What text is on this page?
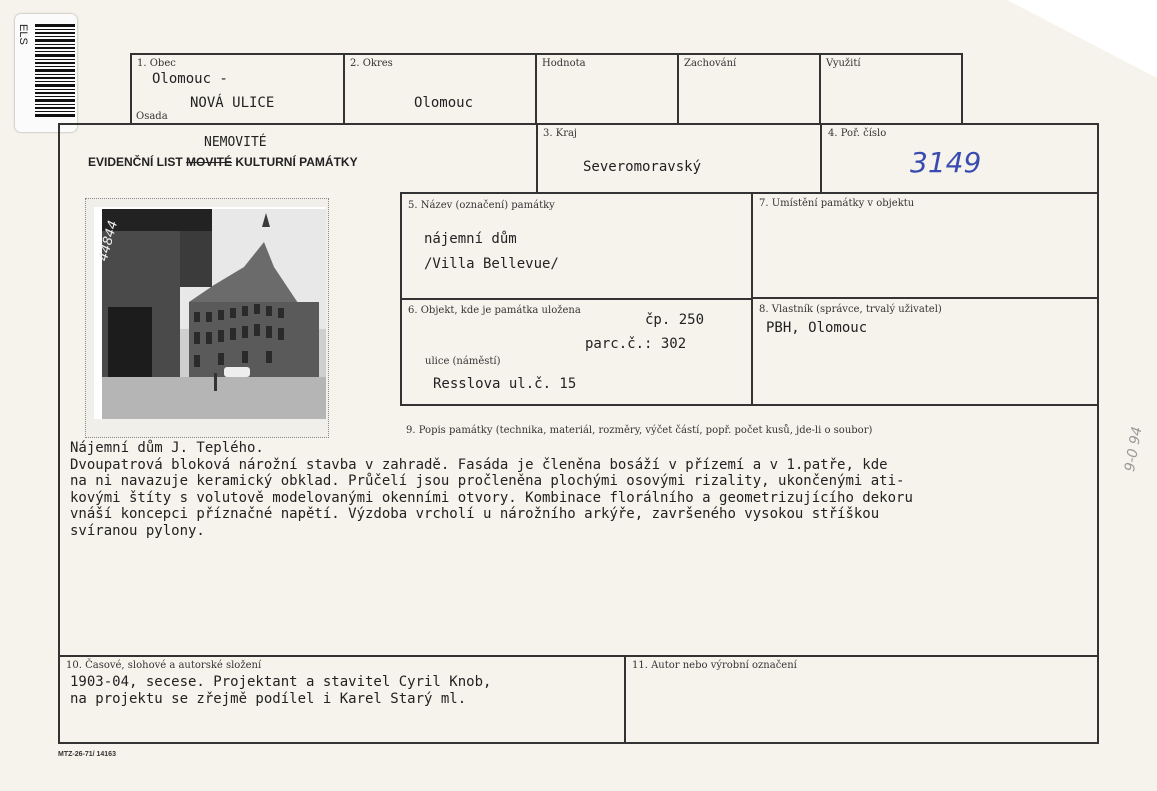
ELS
1. Obec
Olomouc -
NOVÁ ULICE
Osada
2. Okres
Olomouc
Hodnota	Zachování	Využití
NEMOVITÉ
EVIDENČNÍ LIST MOVITÉ KULTURNÍ PAMÁTKY
3. Kraj
Severomoravský
4. Poř. číslo
3149
44844
5. Název (označení) památky
nájemní dům
/Villa Bellevue/
7. Umístění památky v objektu
6. Objekt, kde je památka uložena
čp. 250
parc.č.: 302
ulice (náměstí)
Resslova ul.č. 15
8. Vlastník (správce, trvalý uživatel)
PBH, Olomouc
9. Popis památky (technika, materiál, rozměry, výčet částí, popř. počet kusů, jde-li o soubor)
Nájemní dům J. Teplého.
Dvoupatrová bloková nárožní stavba v zahradě. Fasáda je členěna bosáží v přízemí a v 1.patře, kde
na ni navazuje keramický obklad. Průčelí jsou pročleněna plochými osovými rizality, ukončenými ati-
kovými štíty s volutově modelovanými okenními otvory. Kombinace florálního a geometrizujícího dekoru
vnáší koncepci příznačné napětí. Výzdoba vrcholí u nárožního arkýře, završeného vysokou stříškou
svíranou pylony.
10. Časové, slohové a autorské složení
1903-04, secese. Projektant a stavitel Cyril Knob,
na projektu se zřejmě podílel i Karel Starý ml.
11. Autor nebo výrobní označení
9-0 94
MTZ-26-71/ 14163
